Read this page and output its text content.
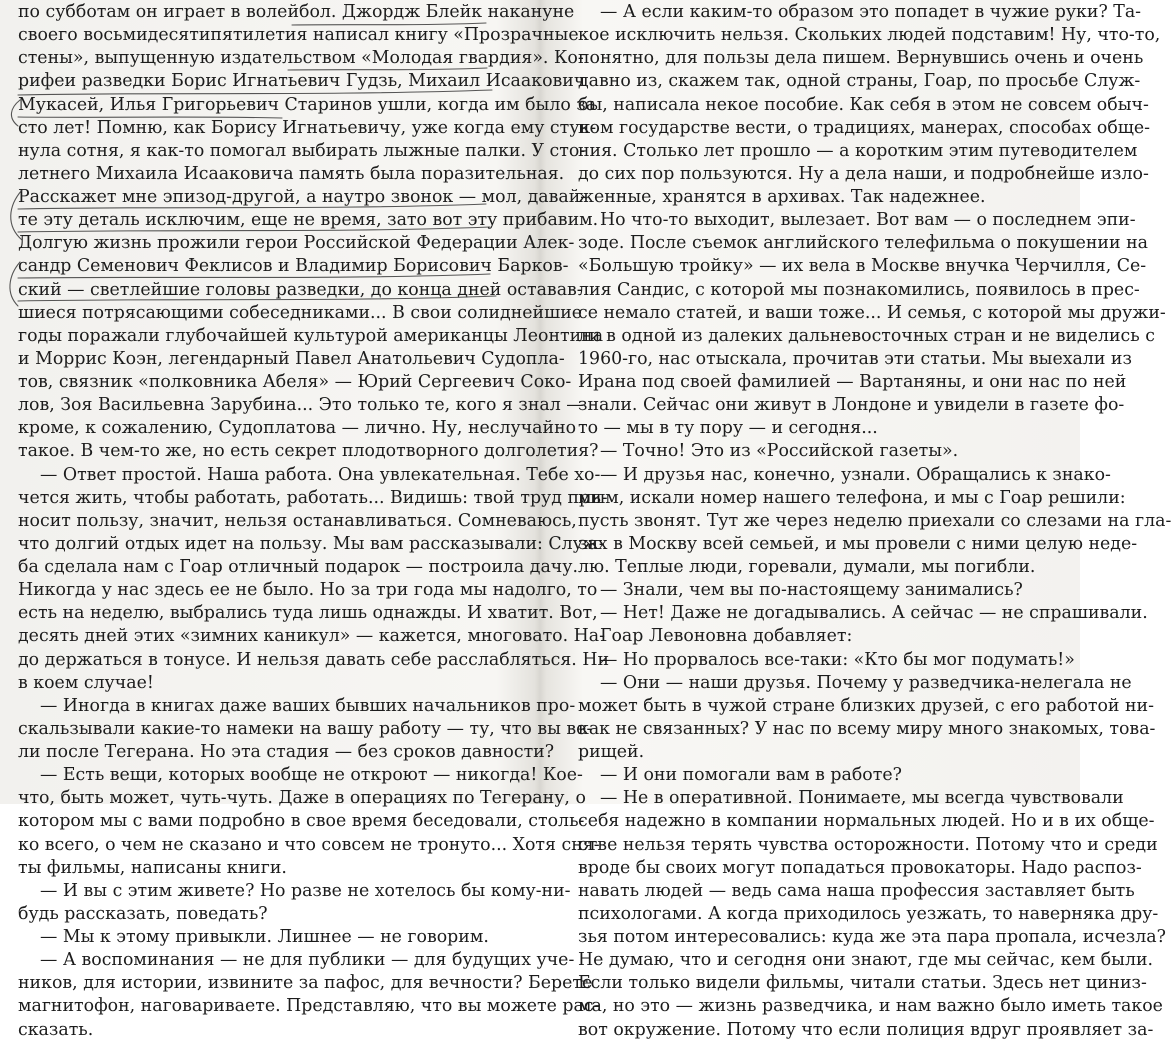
по субботам он играет в волейбол. Джордж Блейк накануне
своего восьмидесятипятилетия написал книгу «Прозрачные
стены», выпущенную издательством «Молодая гвардия». Ко-
рифеи разведки Борис Игнатьевич Гудзь, Михаил Исаакович
Мукасей, Илья Григорьевич Старинов ушли, когда им было за
сто лет! Помню, как Борису Игнатьевичу, уже когда ему стук-
нула сотня, я как-то помогал выбирать лыжные палки. У сто-
летнего Михаила Исааковича память была поразительная.
Расскажет мне эпизод-другой, а наутро звонок — мол, давай-
те эту деталь исключим, еще не время, зато вот эту прибавим.
Долгую жизнь прожили герои Российской Федерации Алек-
сандр Семенович Феклисов и Владимир Борисович Барков-
ский — светлейшие головы разведки, до конца дней оставав-
шиеся потрясающими собеседниками... В свои солиднейшие
годы поражали глубочайшей культурой американцы Леонтина
и Моррис Коэн, легендарный Павел Анатольевич Судопла-
тов, связник «полковника Абеля» — Юрий Сергеевич Соко-
лов, Зоя Васильевна Зарубина... Это только те, кого я знал —
кроме, к сожалению, Судоплатова — лично. Ну, неслучайно
такое. В чем-то же, но есть секрет плодотворного долголетия?
— Ответ простой. Наша работа. Она увлекательная. Тебе хо-
чется жить, чтобы работать, работать... Видишь: твой труд при-
носит пользу, значит, нельзя останавливаться. Сомневаюсь,
что долгий отдых идет на пользу. Мы вам рассказывали: Служ-
ба сделала нам с Гоар отличный подарок — построила дачу.
Никогда у нас здесь ее не было. Но за три года мы надолго, то
есть на неделю, выбрались туда лишь однажды. И хватит. Вот,
десять дней этих «зимних каникул» — кажется, многовато. На-
до держаться в тонусе. И нельзя давать себе расслабляться. Ни
в коем случае!
— Иногда в книгах даже ваших бывших начальников про-
скальзывали какие-то намеки на вашу работу — ту, что вы ве-
ли после Тегерана. Но эта стадия — без сроков давности?
— Есть вещи, которых вообще не откроют — никогда! Кое-
что, быть может, чуть-чуть. Даже в операциях по Тегерану, о
котором мы с вами подробно в свое время беседовали, столь-
ко всего, о чем не сказано и что совсем не тронуто... Хотя сня-
ты фильмы, написаны книги.
— И вы с этим живете? Но разве не хотелось бы кому-ни-
будь рассказать, поведать?
— Мы к этому привыкли. Лишнее — не говорим.
— А воспоминания — не для публики — для будущих уче-
ников, для истории, извините за пафос, для вечности? Берете
магнитофон, наговариваете. Представляю, что вы можете рас-
сказать.
— А если каким-то образом это попадет в чужие руки? Та-
кое исключить нельзя. Скольких людей подставим! Ну, что-то,
понятно, для пользы дела пишем. Вернувшись очень и очень
давно из, скажем так, одной страны, Гоар, по просьбе Служ-
бы, написала некое пособие. Как себя в этом не совсем обыч-
ном государстве вести, о традициях, манерах, способах обще-
ния. Столько лет прошло — а коротким этим путеводителем
до сих пор пользуются. Ну а дела наши, и подробнейше изло-
женные, хранятся в архивах. Так надежнее.
Но что-то выходит, вылезает. Вот вам — о последнем эпи-
зоде. После съемок английского телефильма о покушении на
«Большую тройку» — их вела в Москве внучка Черчилля, Се-
лия Сандис, с которой мы познакомились, появилось в прес-
се немало статей, и ваши тоже... И семья, с которой мы дружи-
ли в одной из далеких дальневосточных стран и не виделись с
1960-го, нас отыскала, прочитав эти статьи. Мы выехали из
Ирана под своей фамилией — Вартаняны, и они нас по ней
знали. Сейчас они живут в Лондоне и увидели в газете фо-
то — мы в ту пору — и сегодня...
— Точно! Это из «Российской газеты».
— И друзья нас, конечно, узнали. Обращались к знако-
мым, искали номер нашего телефона, и мы с Гоар решили:
пусть звонят. Тут же через неделю приехали со слезами на гла-
зах в Москву всей семьей, и мы провели с ними целую неде-
лю. Теплые люди, горевали, думали, мы погибли.
— Знали, чем вы по-настоящему занимались?
— Нет! Даже не догадывались. А сейчас — не спрашивали.
Гоар Левоновна добавляет:
— Но прорвалось все-таки: «Кто бы мог подумать!»
— Они — наши друзья. Почему у разведчика-нелегала не
может быть в чужой стране близких друзей, с его работой ни-
как не связанных? У нас по всему миру много знакомых, това-
рищей.
— И они помогали вам в работе?
— Не в оперативной. Понимаете, мы всегда чувствовали
себя надежно в компании нормальных людей. Но и в их обще-
стве нельзя терять чувства осторожности. Потому что и среди
вроде бы своих могут попадаться провокаторы. Надо распоз-
навать людей — ведь сама наша профессия заставляет быть
психологами. А когда приходилось уезжать, то наверняка дру-
зья потом интересовались: куда же эта пара пропала, исчезла?
Не думаю, что и сегодня они знают, где мы сейчас, кем были.
Если только видели фильмы, читали статьи. Здесь нет циниз-
ма, но это — жизнь разведчика, и нам важно было иметь такое
вот окружение. Потому что если полиция вдруг проявляет за-
